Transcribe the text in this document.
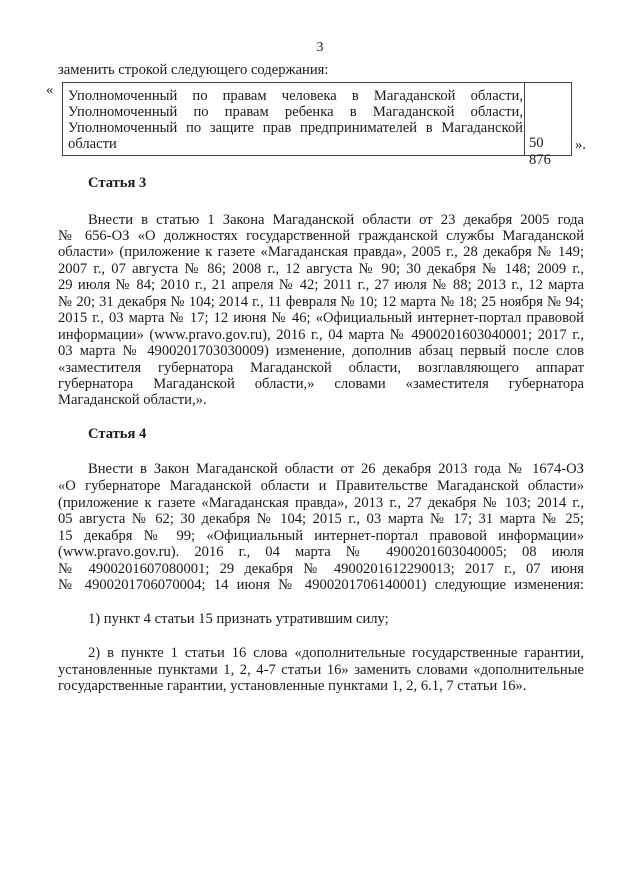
3
заменить строкой следующего содержания:
« Уполномоченный по правам человека в Магаданской области,
Уполномоченный по правам ребенка в Магаданской области,
Уполномоченный по защите прав предпринимателей в Магаданской
области	50 876
».
Статья 3
Внести в статью 1 Закона Магаданской области от 23 декабря 2005 года
№ 656-ОЗ «О должностях государственной гражданской службы Магаданской
области» (приложение к газете «Магаданская правда», 2005 г., 28 декабря № 149;
2007 г., 07 августа № 86; 2008 г., 12 августа № 90; 30 декабря № 148; 2009 г.,
29 июля № 84; 2010 г., 21 апреля № 42; 2011 г., 27 июля № 88; 2013 г., 12 марта
№ 20; 31 декабря № 104; 2014 г., 11 февраля № 10; 12 марта № 18; 25 ноября № 94;
2015 г., 03 марта № 17; 12 июня № 46; «Официальный интернет-портал правовой
информации» (www.pravo.gov.ru), 2016 г., 04 марта № 4900201603040001; 2017 г.,
03 марта № 4900201703030009) изменение, дополнив абзац первый после слов
«заместителя губернатора Магаданской области, возглавляющего аппарат
губернатора Магаданской области,» словами «заместителя губернатора
Магаданской области,».
Статья 4
Внести в Закон Магаданской области от 26 декабря 2013 года № 1674-ОЗ
«О губернаторе Магаданской области и Правительстве Магаданской области»
(приложение к газете «Магаданская правда», 2013 г., 27 декабря № 103; 2014 г.,
05 августа № 62; 30 декабря № 104; 2015 г., 03 марта № 17; 31 марта № 25;
15 декабря № 99; «Официальный интернет-портал правовой информации»
(www.pravo.gov.ru). 2016 г., 04 марта № 4900201603040005; 08 июля
№ 4900201607080001; 29 декабря № 4900201612290013; 2017 г., 07 июня
№ 4900201706070004; 14 июня № 4900201706140001) следующие изменения:
1) пункт 4 статьи 15 признать утратившим силу;
2) в пункте 1 статьи 16 слова «дополнительные государственные гарантии,
установленные пунктами 1, 2, 4-7 статьи 16» заменить словами «дополнительные
государственные гарантии, установленные пунктами 1, 2, 6.1, 7 статьи 16».
